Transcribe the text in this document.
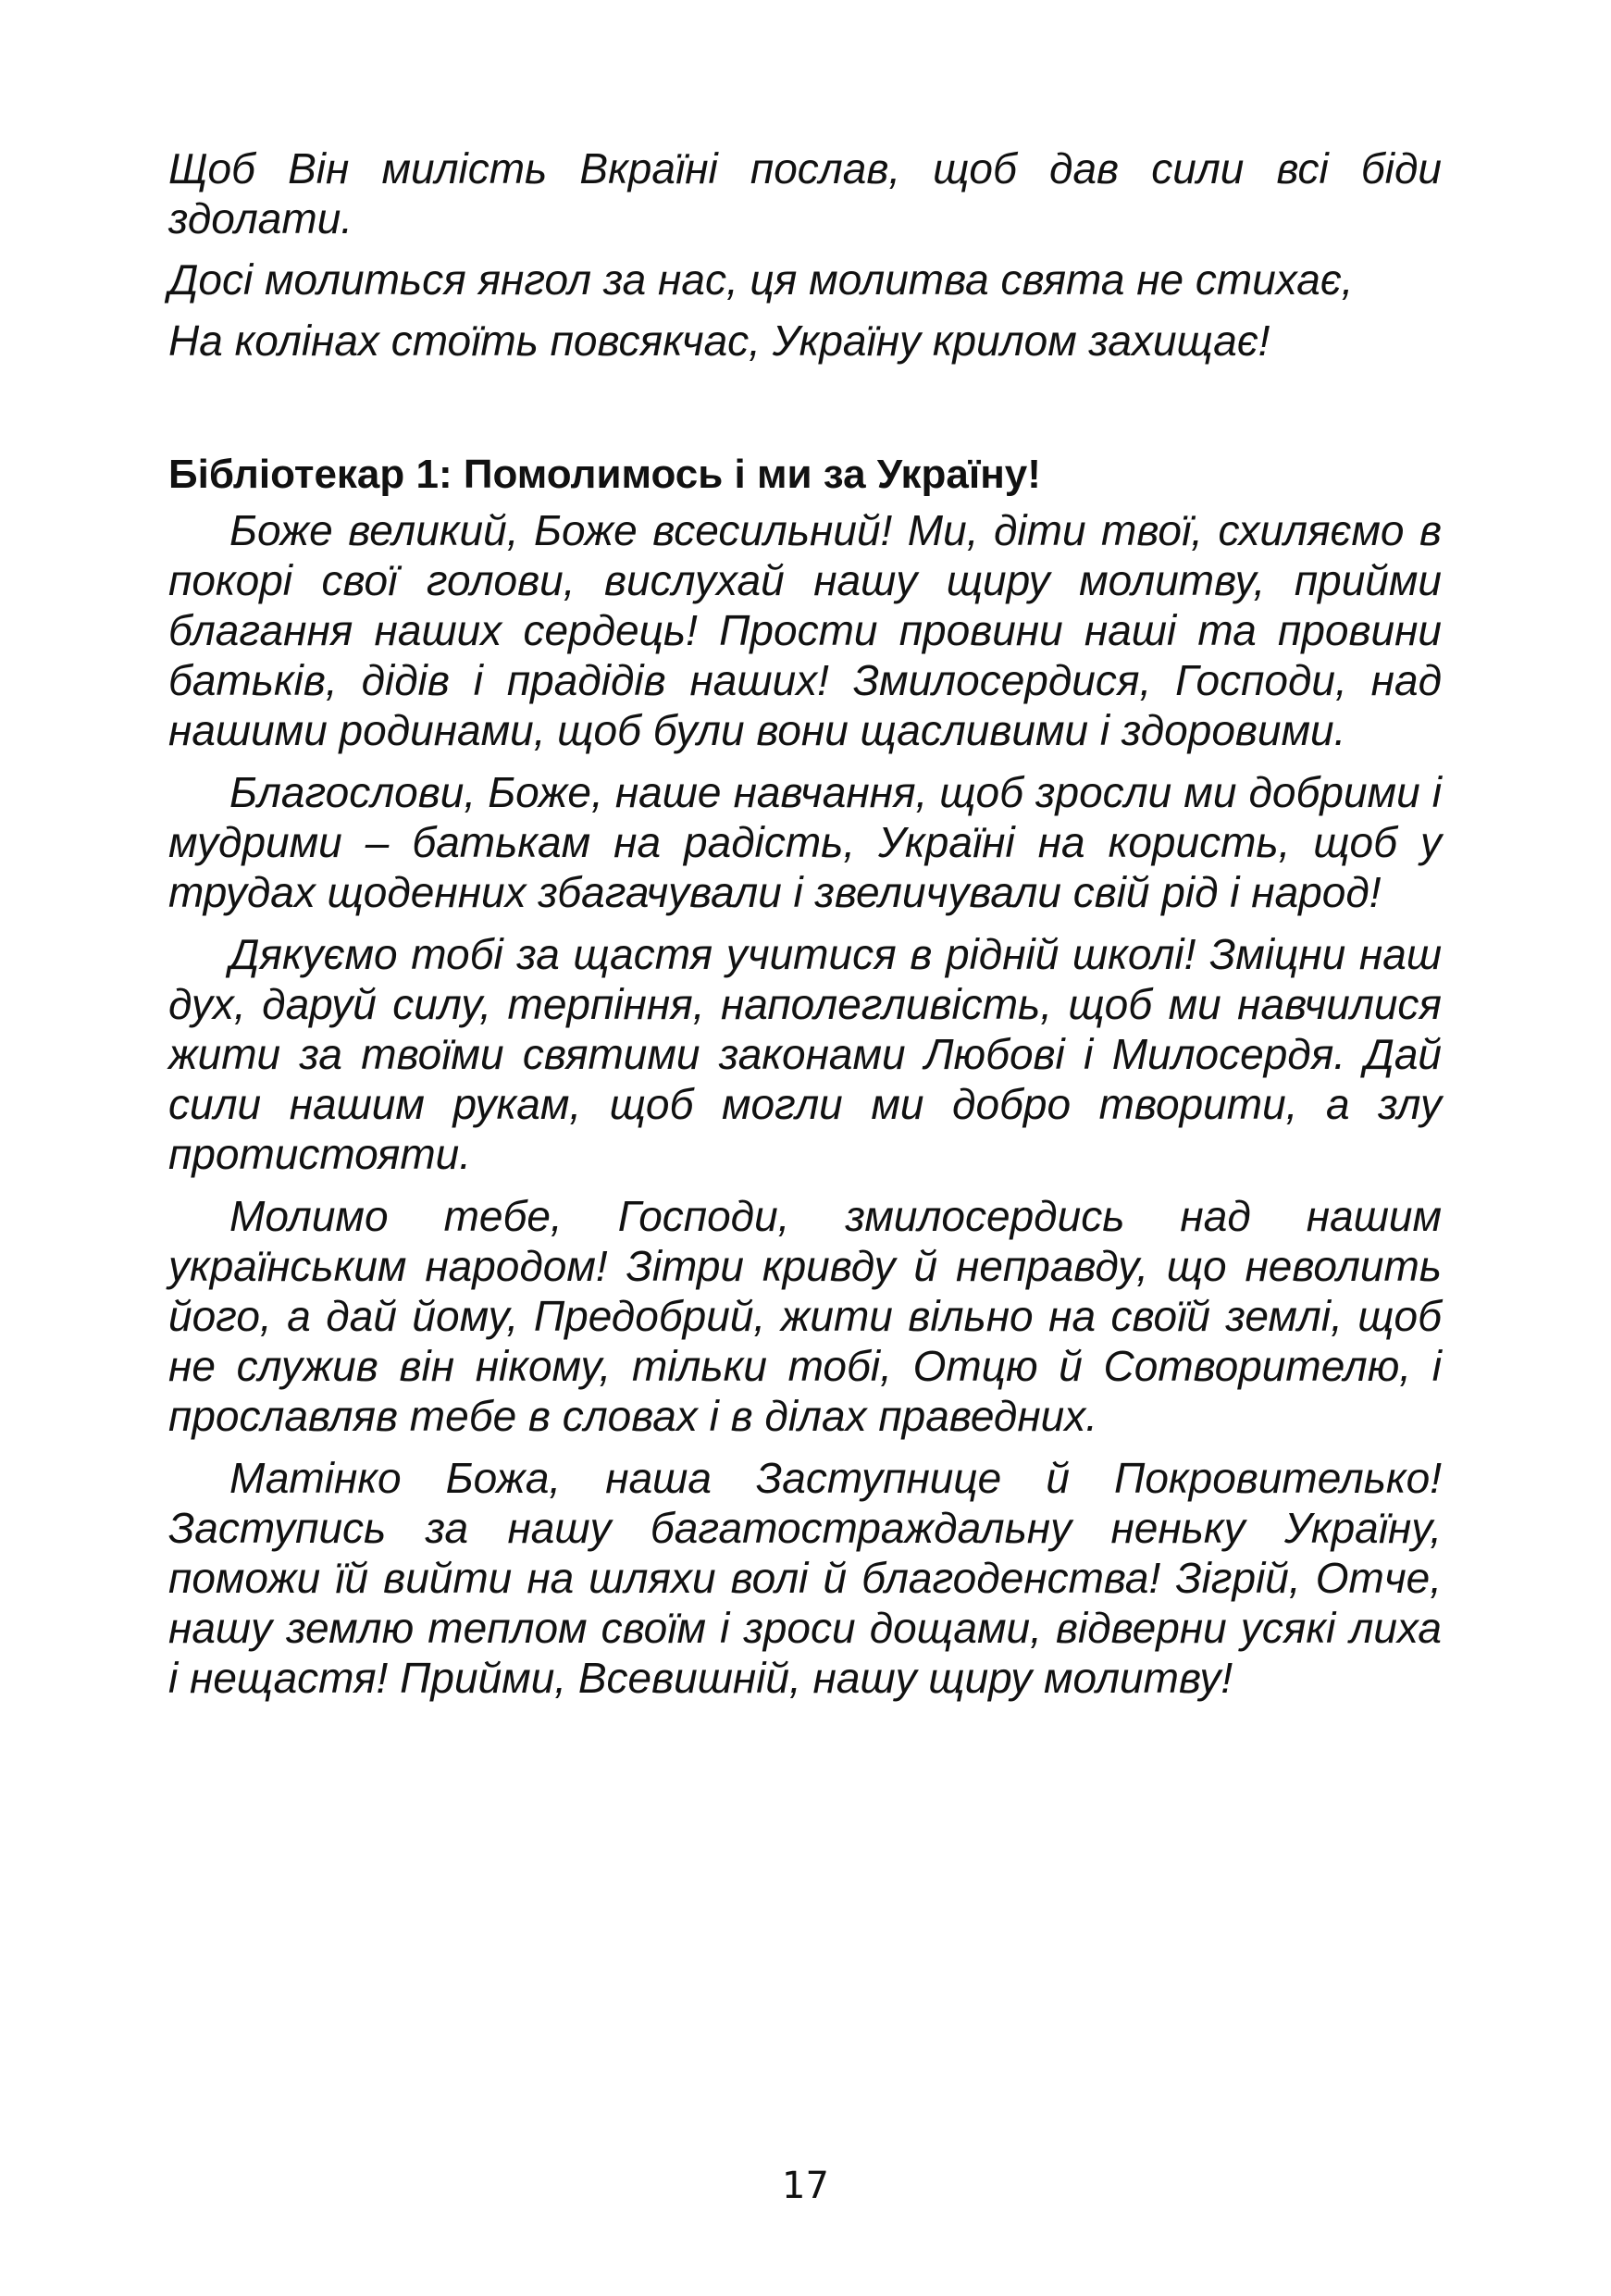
Щоб Він милість Вкраїні послав, щоб дав сили всі біди здолати.

Досі молиться янгол за нас, ця молитва свята не стихає,

На колінах стоїть повсякчас, Україну крилом захищає!

Бібліотекар 1: Помолимось і ми за Україну!

Боже великий, Боже всесильний! Ми, діти твої, схиляємо в покорі свої голови, вислухай нашу щиру молитву, прийми благання наших сердець! Прости провини наші та провини батьків, дідів і прадідів наших! Змилосердися, Господи, над нашими родинами, щоб були вони щасливими і здоровими.

Благослови, Боже, наше навчання, щоб зросли ми добрими і мудрими – батькам на радість, Україні на користь, щоб у трудах щоденних збагачували і звеличували свій рід і народ!

Дякуємо тобі за щастя учитися в рідній школі! Зміцни наш дух, даруй силу, терпіння, наполегливість, щоб ми навчилися жити за твоїми святими законами Любові і Милосердя. Дай сили нашим рукам, щоб могли ми добро творити, а злу протистояти.

Молимо тебе, Господи, змилосердись над нашим українським народом! Зітри кривду й неправду, що неволить його, а дай йому, Предобрий, жити вільно на своїй землі, щоб не служив він нікому, тільки тобі, Отцю й Сотворителю, і прославляв тебе в словах і в ділах праведних.

Матінко Божа, наша Заступнице й Покровителько! Заступись за нашу багатостраждальну неньку Україну, поможи їй вийти на шляхи волі й благоденства! Зігрій, Отче, нашу землю теплом своїм і зроси дощами, відверни усякі лиха і нещастя! Прийми, Всевишній, нашу щиру молитву!

17
